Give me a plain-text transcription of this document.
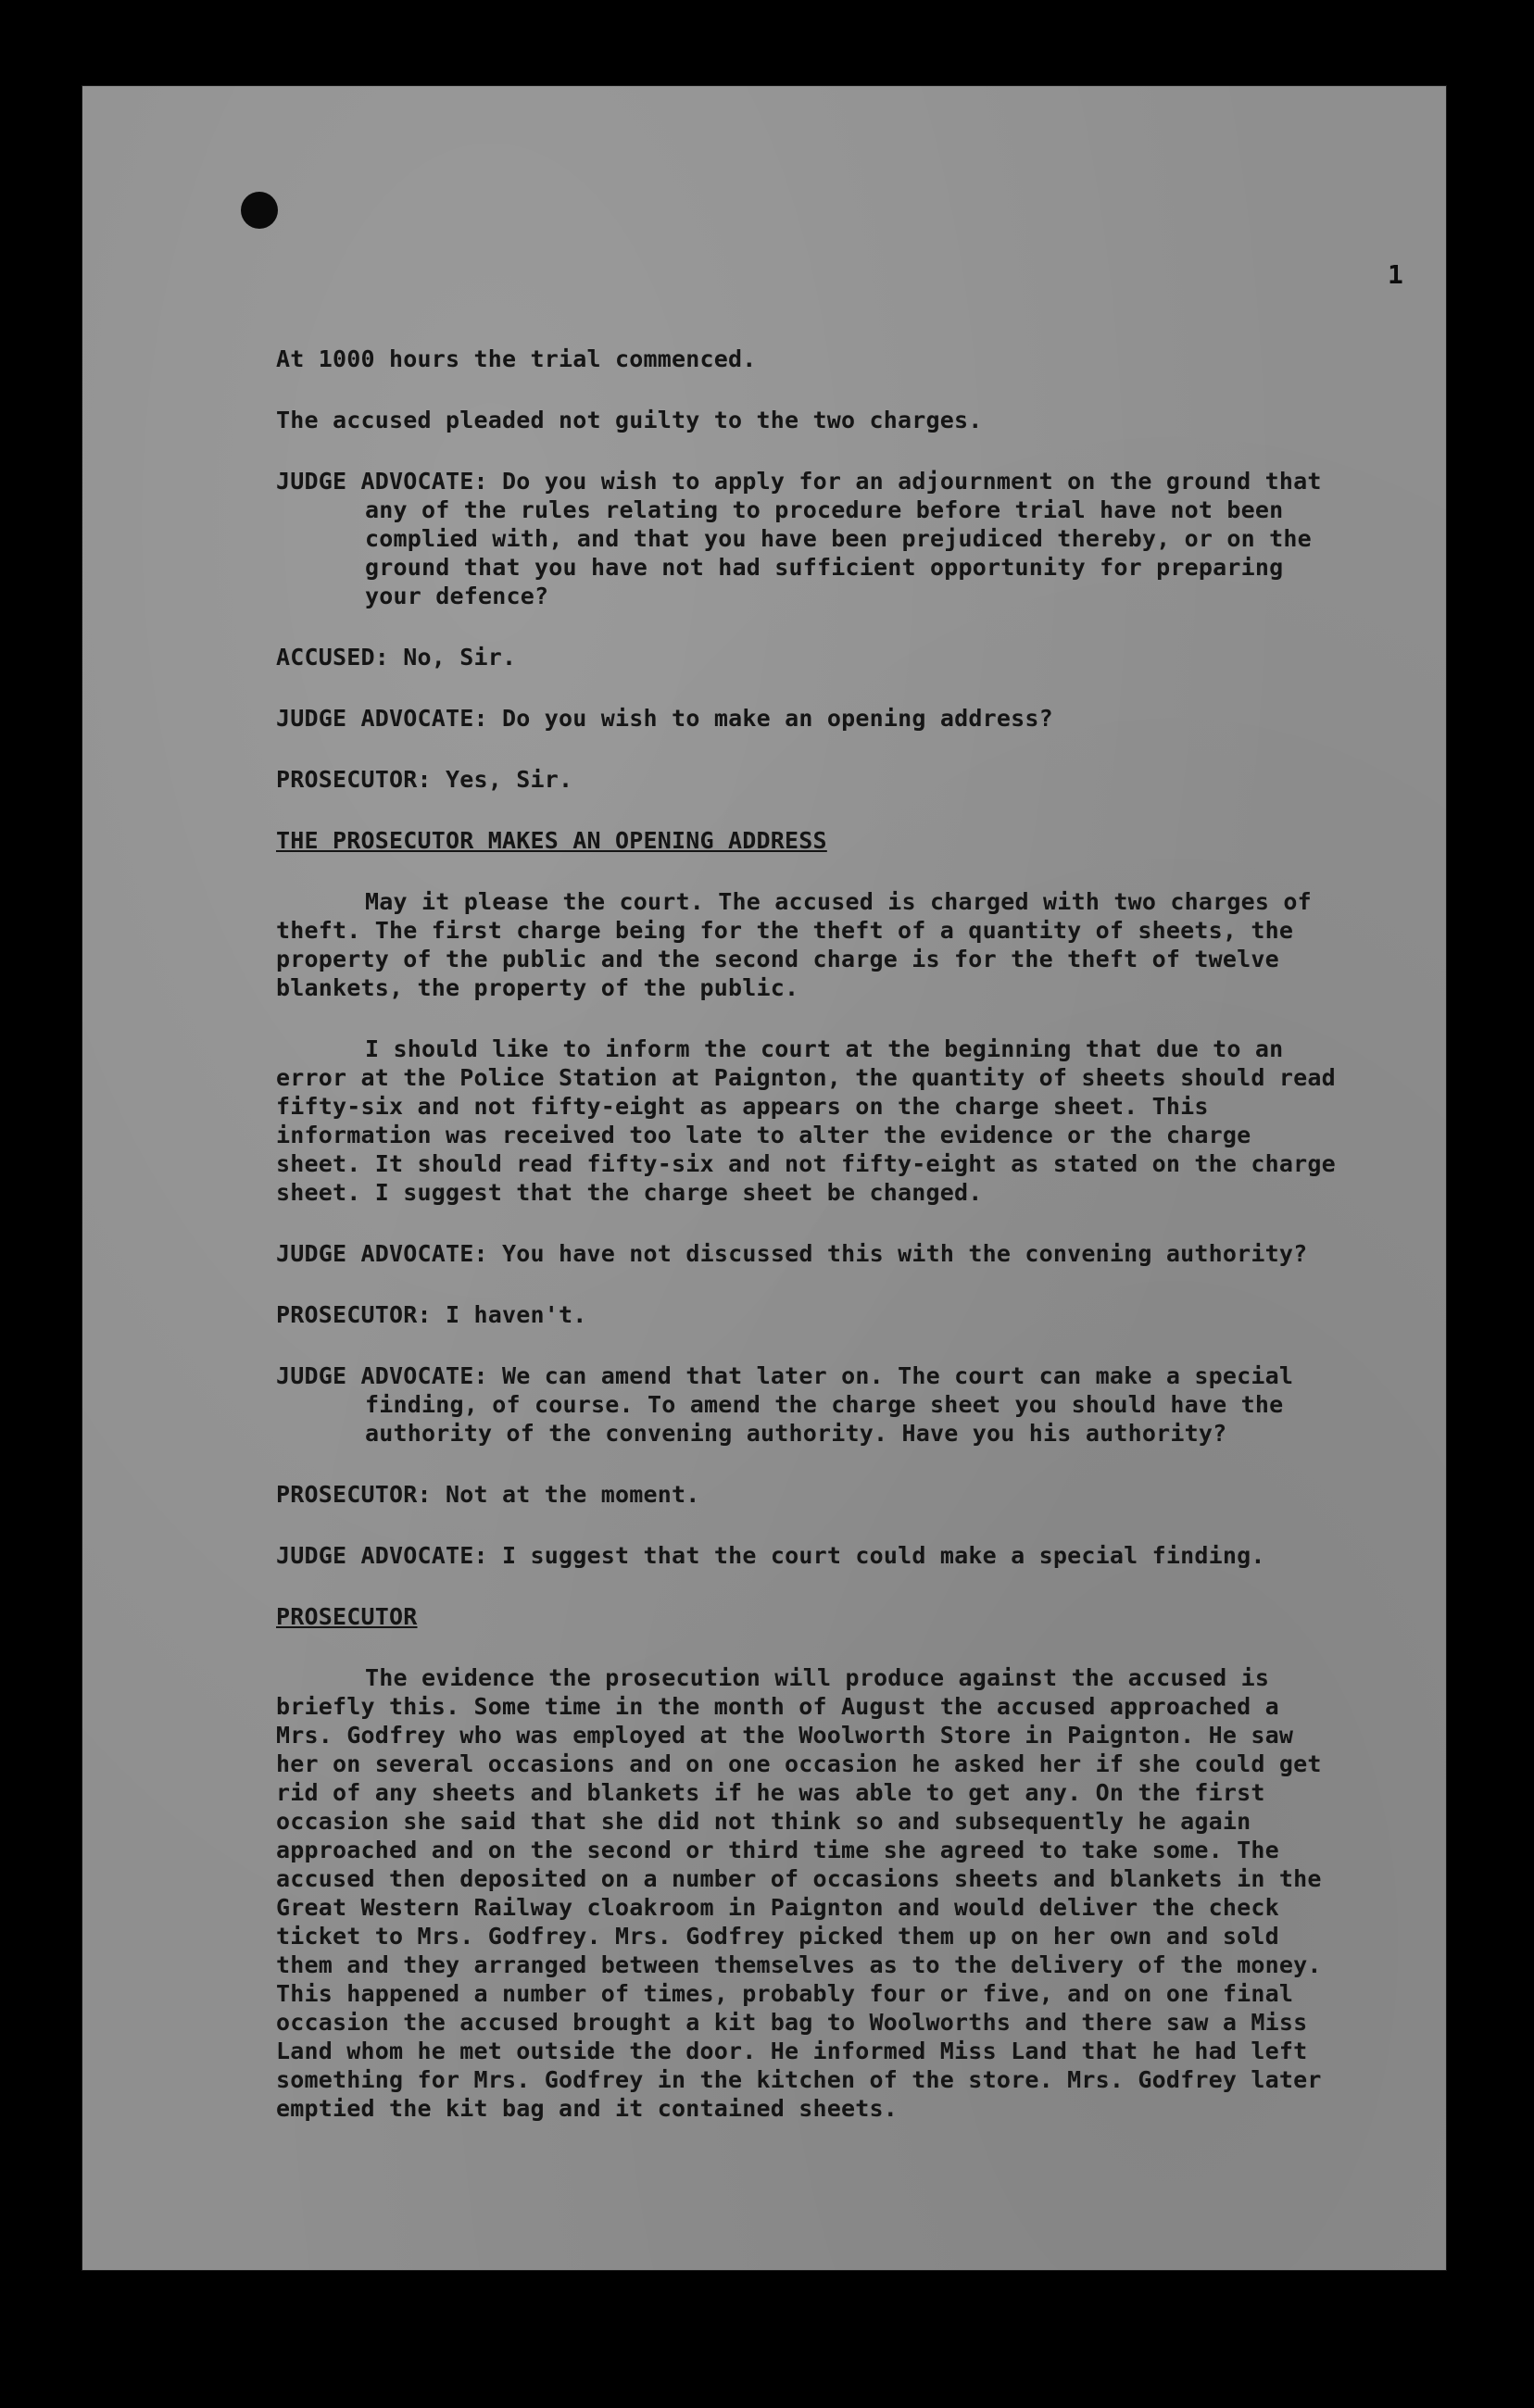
1

At 1000 hours the trial commenced.

The accused pleaded not guilty to the two charges.

JUDGE ADVOCATE: Do you wish to apply for an adjournment on the ground that any of the rules relating to procedure before trial have not been complied with, and that you have been prejudiced thereby, or on the ground that you have not had sufficient opportunity for preparing your defence?

ACCUSED: No, Sir.

JUDGE ADVOCATE: Do you wish to make an opening address?

PROSECUTOR: Yes, Sir.

THE PROSECUTOR MAKES AN OPENING ADDRESS

May it please the court. The accused is charged with two charges of theft. The first charge being for the theft of a quantity of sheets, the property of the public and the second charge is for the theft of twelve blankets, the property of the public.

I should like to inform the court at the beginning that due to an error at the Police Station at Paignton, the quantity of sheets should read fifty-six and not fifty-eight as appears on the charge sheet. This information was received too late to alter the evidence or the charge sheet. It should read fifty-six and not fifty-eight as stated on the charge sheet. I suggest that the charge sheet be changed.

JUDGE ADVOCATE: You have not discussed this with the convening authority?

PROSECUTOR: I haven't.

JUDGE ADVOCATE: We can amend that later on. The court can make a special finding, of course. To amend the charge sheet you should have the authority of the convening authority. Have you his authority?

PROSECUTOR: Not at the moment.

JUDGE ADVOCATE: I suggest that the court could make a special finding.

PROSECUTOR

The evidence the prosecution will produce against the accused is briefly this. Some time in the month of August the accused approached a Mrs. Godfrey who was employed at the Woolworth Store in Paignton. He saw her on several occasions and on one occasion he asked her if she could get rid of any sheets and blankets if he was able to get any. On the first occasion she said that she did not think so and subsequently he again approached and on the second or third time she agreed to take some. The accused then deposited on a number of occasions sheets and blankets in the Great Western Railway cloakroom in Paignton and would deliver the check ticket to Mrs. Godfrey. Mrs. Godfrey picked them up on her own and sold them and they arranged between themselves as to the delivery of the money. This happened a number of times, probably four or five, and on one final occasion the accused brought a kit bag to Woolworths and there saw a Miss Land whom he met outside the door. He informed Miss Land that he had left something for Mrs. Godfrey in the kitchen of the store. Mrs. Godfrey later emptied the kit bag and it contained sheets.
